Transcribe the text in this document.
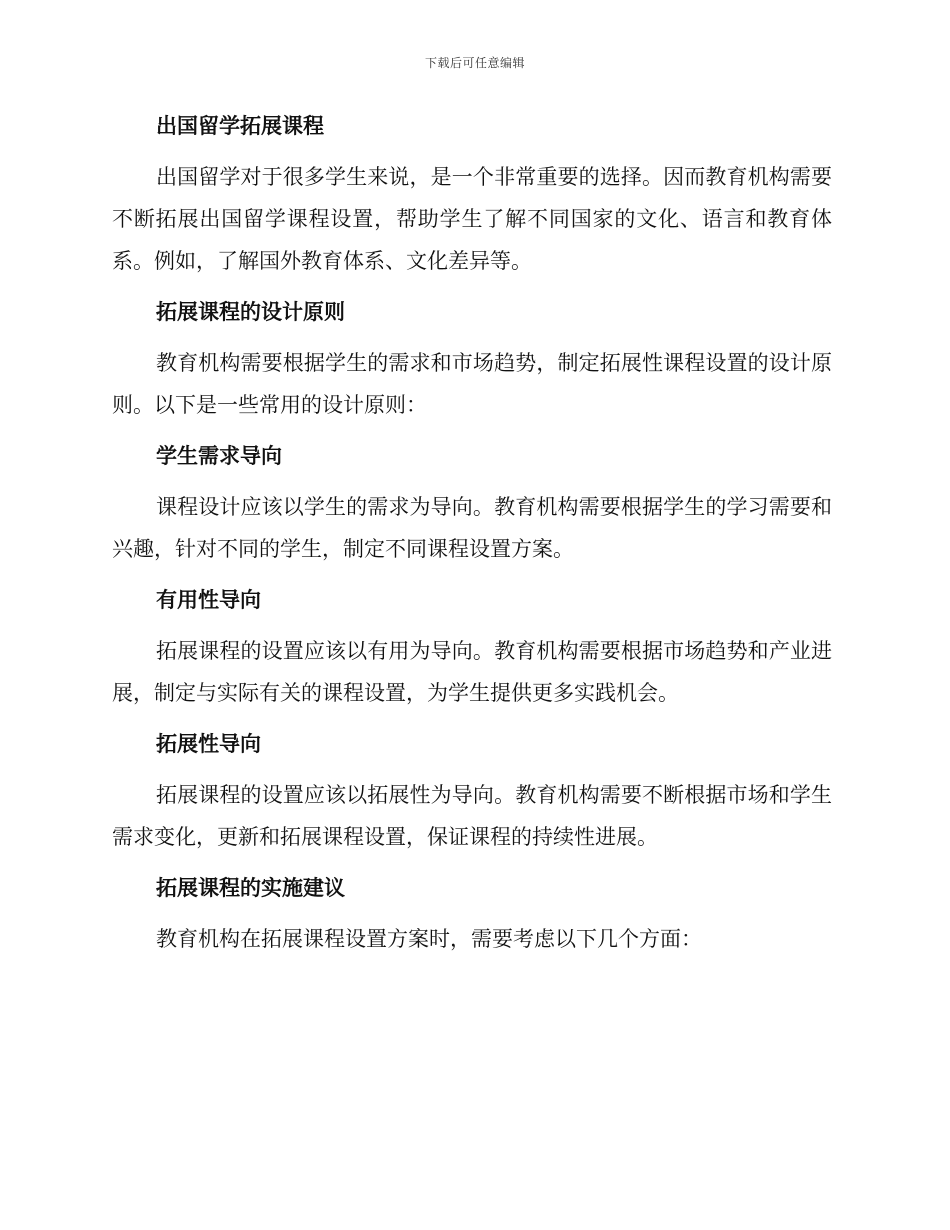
下载后可任意编辑
出国留学拓展课程

出国留学对于很多学生来说，是一个非常重要的选择。因而教育机构需要不断拓展出国留学课程设置，帮助学生了解不同国家的文化、语言和教育体系。例如，了解国外教育体系、文化差异等。

拓展课程的设计原则

教育机构需要根据学生的需求和市场趋势，制定拓展性课程设置的设计原则。以下是一些常用的设计原则：

学生需求导向

课程设计应该以学生的需求为导向。教育机构需要根据学生的学习需要和兴趣，针对不同的学生，制定不同课程设置方案。

有用性导向

拓展课程的设置应该以有用为导向。教育机构需要根据市场趋势和产业进展，制定与实际有关的课程设置，为学生提供更多实践机会。

拓展性导向

拓展课程的设置应该以拓展性为导向。教育机构需要不断根据市场和学生需求变化，更新和拓展课程设置，保证课程的持续性进展。

拓展课程的实施建议

教育机构在拓展课程设置方案时，需要考虑以下几个方面：
